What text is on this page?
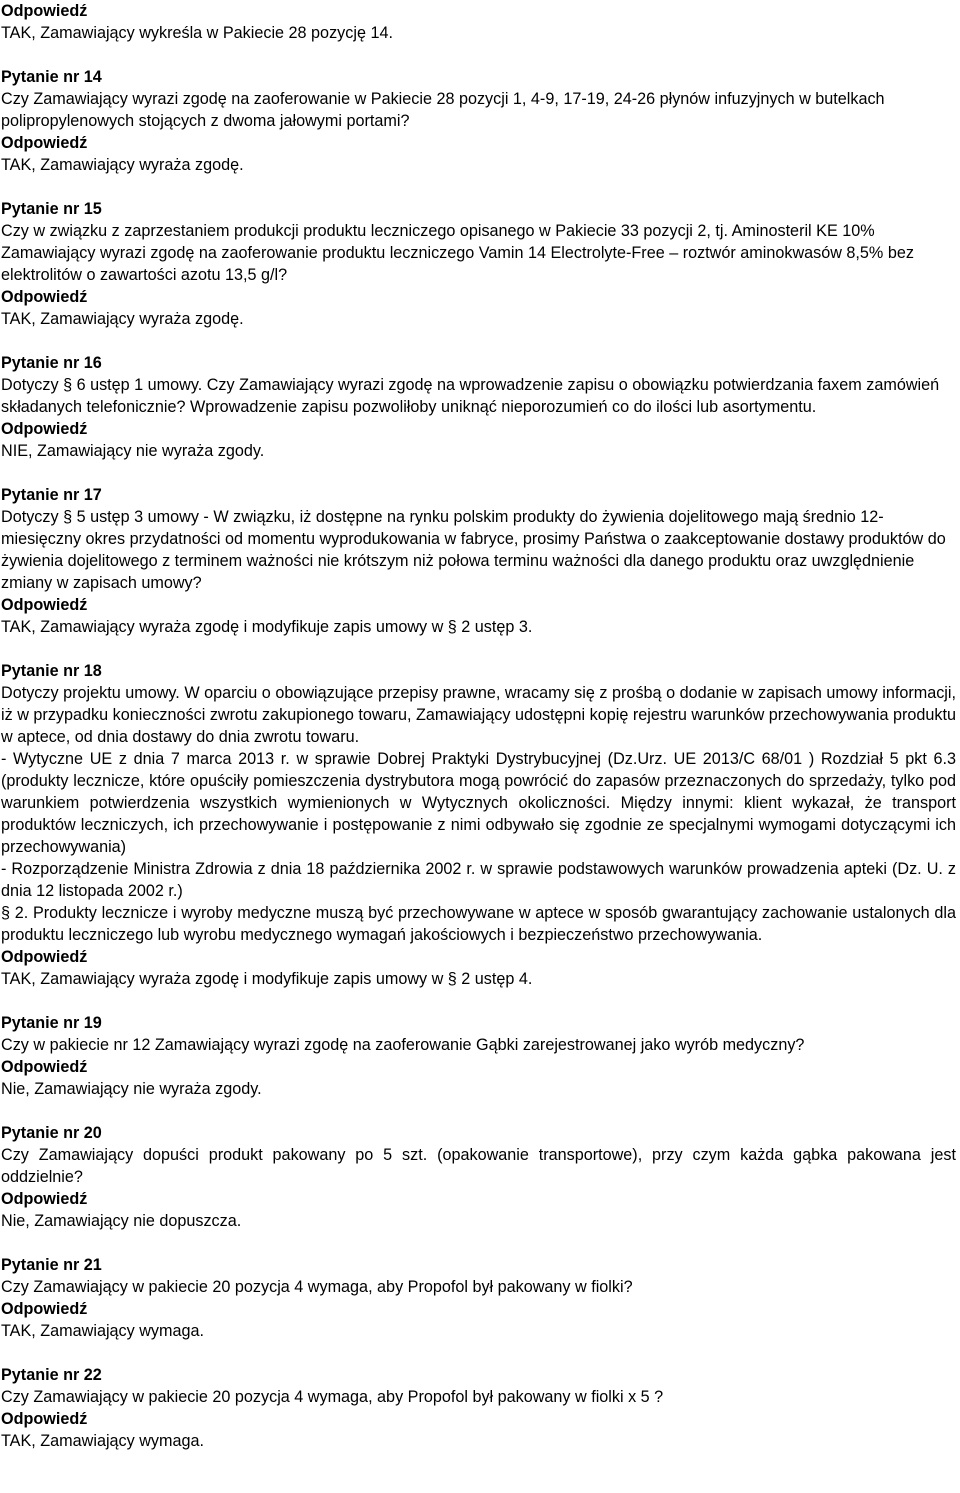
Odpowiedź
TAK, Zamawiający wykreśla w Pakiecie 28 pozycję 14.
Pytanie nr 14
Czy Zamawiający wyrazi zgodę na zaoferowanie w Pakiecie 28 pozycji 1, 4-9, 17-19, 24-26 płynów infuzyjnych w butelkach polipropylenowych stojących z dwoma jałowymi portami?
Odpowiedź
TAK, Zamawiający wyraża zgodę.
Pytanie nr 15
Czy w związku z zaprzestaniem produkcji produktu leczniczego opisanego w Pakiecie 33 pozycji 2, tj. Aminosteril KE 10% Zamawiający wyrazi zgodę na zaoferowanie produktu leczniczego Vamin 14 Electrolyte-Free – roztwór aminokwasów 8,5% bez elektrolitów o zawartości azotu 13,5 g/l?
Odpowiedź
TAK, Zamawiający wyraża zgodę.
Pytanie nr 16
Dotyczy § 6 ustęp 1 umowy. Czy Zamawiający wyrazi zgodę na wprowadzenie zapisu o obowiązku potwierdzania faxem zamówień składanych telefonicznie? Wprowadzenie zapisu pozwoliłoby uniknąć nieporozumień co do ilości lub asortymentu.
Odpowiedź
NIE, Zamawiający nie wyraża zgody.
Pytanie nr 17
Dotyczy § 5 ustęp 3 umowy - W związku, iż dostępne na rynku polskim produkty do żywienia dojelitowego mają średnio 12-miesięczny okres przydatności od momentu wyprodukowania w fabryce, prosimy Państwa o zaakceptowanie dostawy produktów do żywienia dojelitowego z terminem ważności nie krótszym niż połowa terminu ważności dla danego produktu oraz uwzględnienie zmiany w zapisach umowy?
Odpowiedź
TAK, Zamawiający wyraża zgodę i modyfikuje zapis umowy w § 2 ustęp 3.
Pytanie nr 18
Dotyczy projektu umowy. W oparciu o obowiązujące przepisy prawne, wracamy się z prośbą o dodanie w zapisach umowy informacji, iż w przypadku konieczności zwrotu zakupionego towaru, Zamawiający udostępni kopię rejestru warunków przechowywania produktu w aptece, od dnia dostawy do dnia zwrotu towaru.
- Wytyczne UE z dnia 7 marca 2013 r. w sprawie Dobrej Praktyki Dystrybucyjnej (Dz.Urz. UE 2013/C 68/01 ) Rozdział 5 pkt 6.3 (produkty lecznicze, które opuściły pomieszczenia dystrybutora mogą powrócić do zapasów przeznaczonych do sprzedaży, tylko pod warunkiem potwierdzenia wszystkich wymienionych w Wytycznych okoliczności. Między innymi: klient wykazał, że transport produktów leczniczych, ich przechowywanie i postępowanie z nimi odbywało się zgodnie ze specjalnymi wymogami dotyczącymi ich przechowywania)
- Rozporządzenie Ministra Zdrowia z dnia 18 października 2002 r. w sprawie podstawowych warunków prowadzenia apteki (Dz. U. z dnia 12 listopada 2002 r.)
§ 2. Produkty lecznicze i wyroby medyczne muszą być przechowywane w aptece w sposób gwarantujący zachowanie ustalonych dla produktu leczniczego lub wyrobu medycznego wymagań jakościowych i bezpieczeństwo przechowywania.
Odpowiedź
TAK, Zamawiający wyraża zgodę i modyfikuje zapis umowy w § 2 ustęp 4.
Pytanie nr 19
Czy w pakiecie nr 12 Zamawiający wyrazi zgodę na zaoferowanie Gąbki zarejestrowanej jako wyrób medyczny?
Odpowiedź
Nie, Zamawiający nie wyraża zgody.
Pytanie nr 20
Czy Zamawiający dopuści produkt pakowany po 5 szt. (opakowanie transportowe), przy czym każda gąbka pakowana jest oddzielnie?
Odpowiedź
Nie, Zamawiający nie dopuszcza.
Pytanie nr 21
Czy Zamawiający w pakiecie 20 pozycja 4 wymaga, aby Propofol był pakowany w fiolki?
Odpowiedź
TAK, Zamawiający wymaga.
Pytanie nr 22
Czy Zamawiający w pakiecie 20 pozycja 4 wymaga, aby Propofol był pakowany w fiolki x 5 ?
Odpowiedź
TAK, Zamawiający wymaga.
